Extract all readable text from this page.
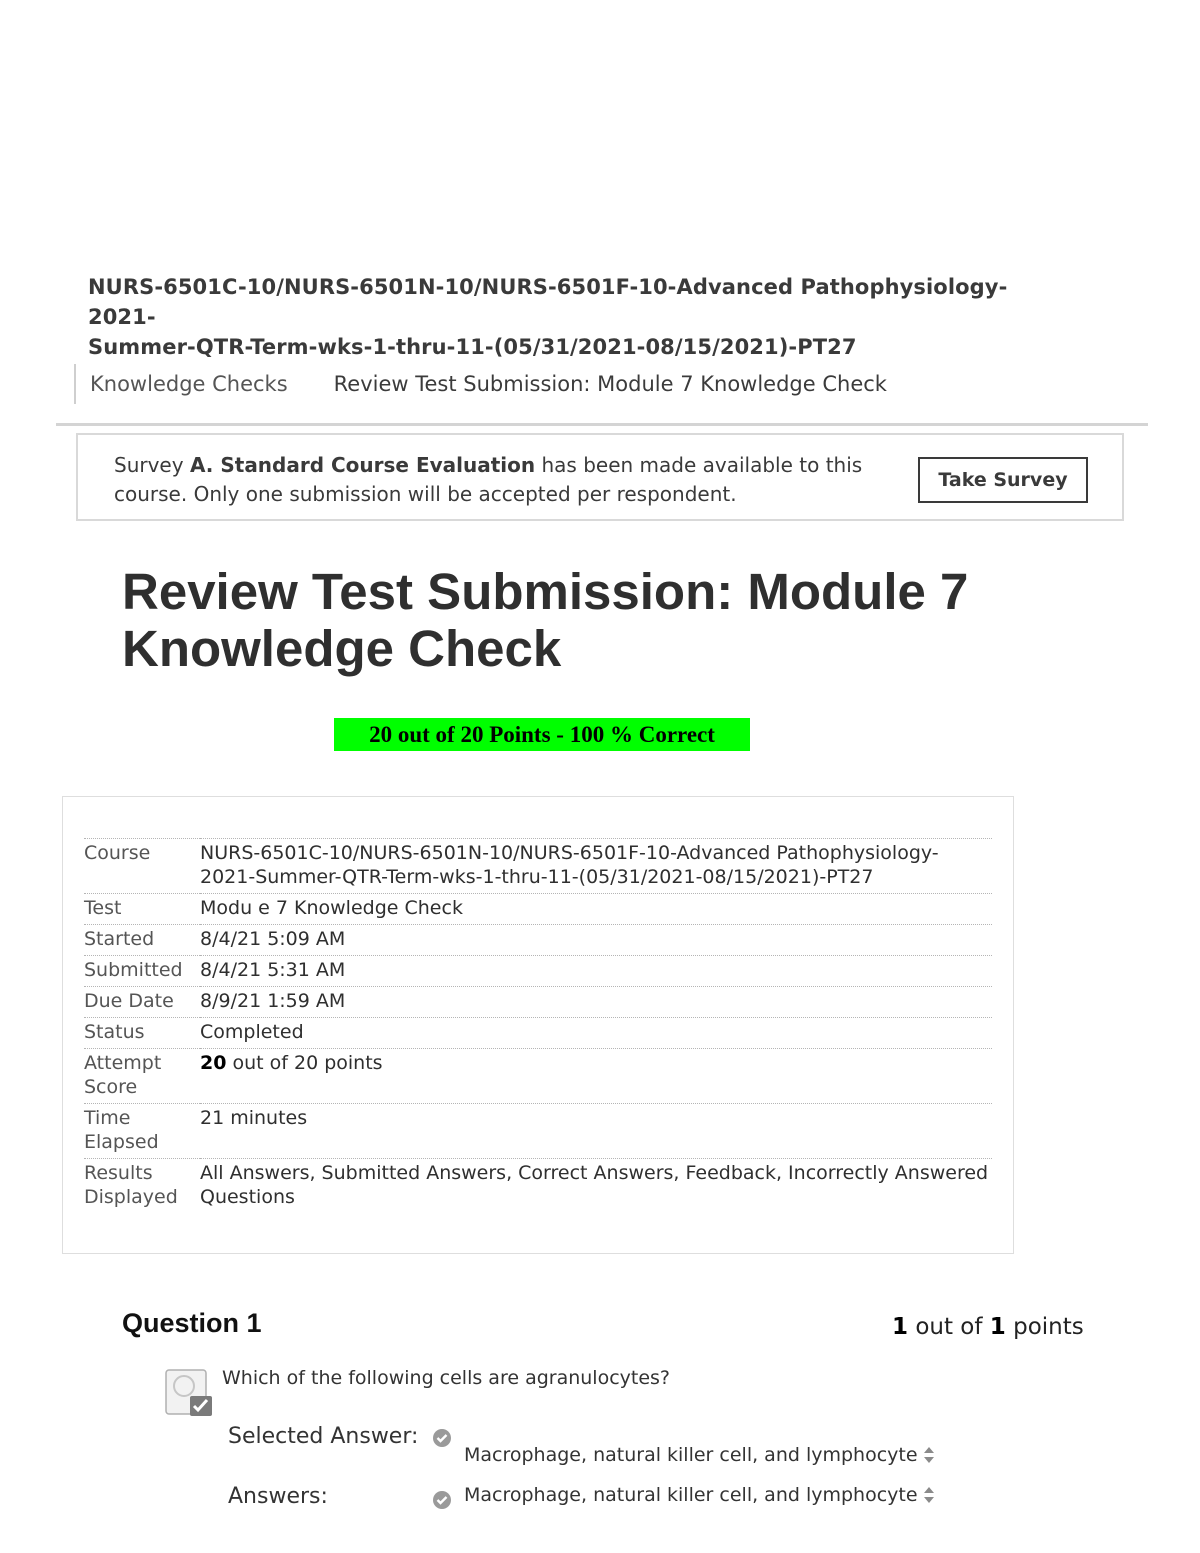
NURS-6501C-10/NURS-6501N-10/NURS-6501F-10-Advanced Pathophysiology-2021-
Summer-QTR-Term-wks-1-thru-11-(05/31/2021-08/15/2021)-PT27
Knowledge Checks Review Test Submission: Module 7 Knowledge Check
Survey A. Standard Course Evaluation has been made available to this course. Only one submission will be accepted per respondent.
Take Survey
Review Test Submission: Module 7 Knowledge Check
20 out of 20 Points - 100 % Correct
Course	NURS-6501C-10/NURS-6501N-10/NURS-6501F-10-Advanced Pathophysiology-2021-Summer-QTR-Term-wks-1-thru-11-(05/31/2021-08/15/2021)-PT27
Test	Modu e 7 Knowledge Check
Started	8/4/21 5:09 AM
Submitted	8/4/21 5:31 AM
Due Date	8/9/21 1:59 AM
Status	Completed
Attempt Score	20 out of 20 points
Time Elapsed	21 minutes
Results Displayed	All Answers, Submitted Answers, Correct Answers, Feedback, Incorrectly Answered Questions
Question 1	1 out of 1 points
Which of the following cells are agranulocytes?
Selected Answer:
Macrophage, natural killer cell, and lymphocyte
Answers:	Macrophage, natural killer cell, and lymphocyte
